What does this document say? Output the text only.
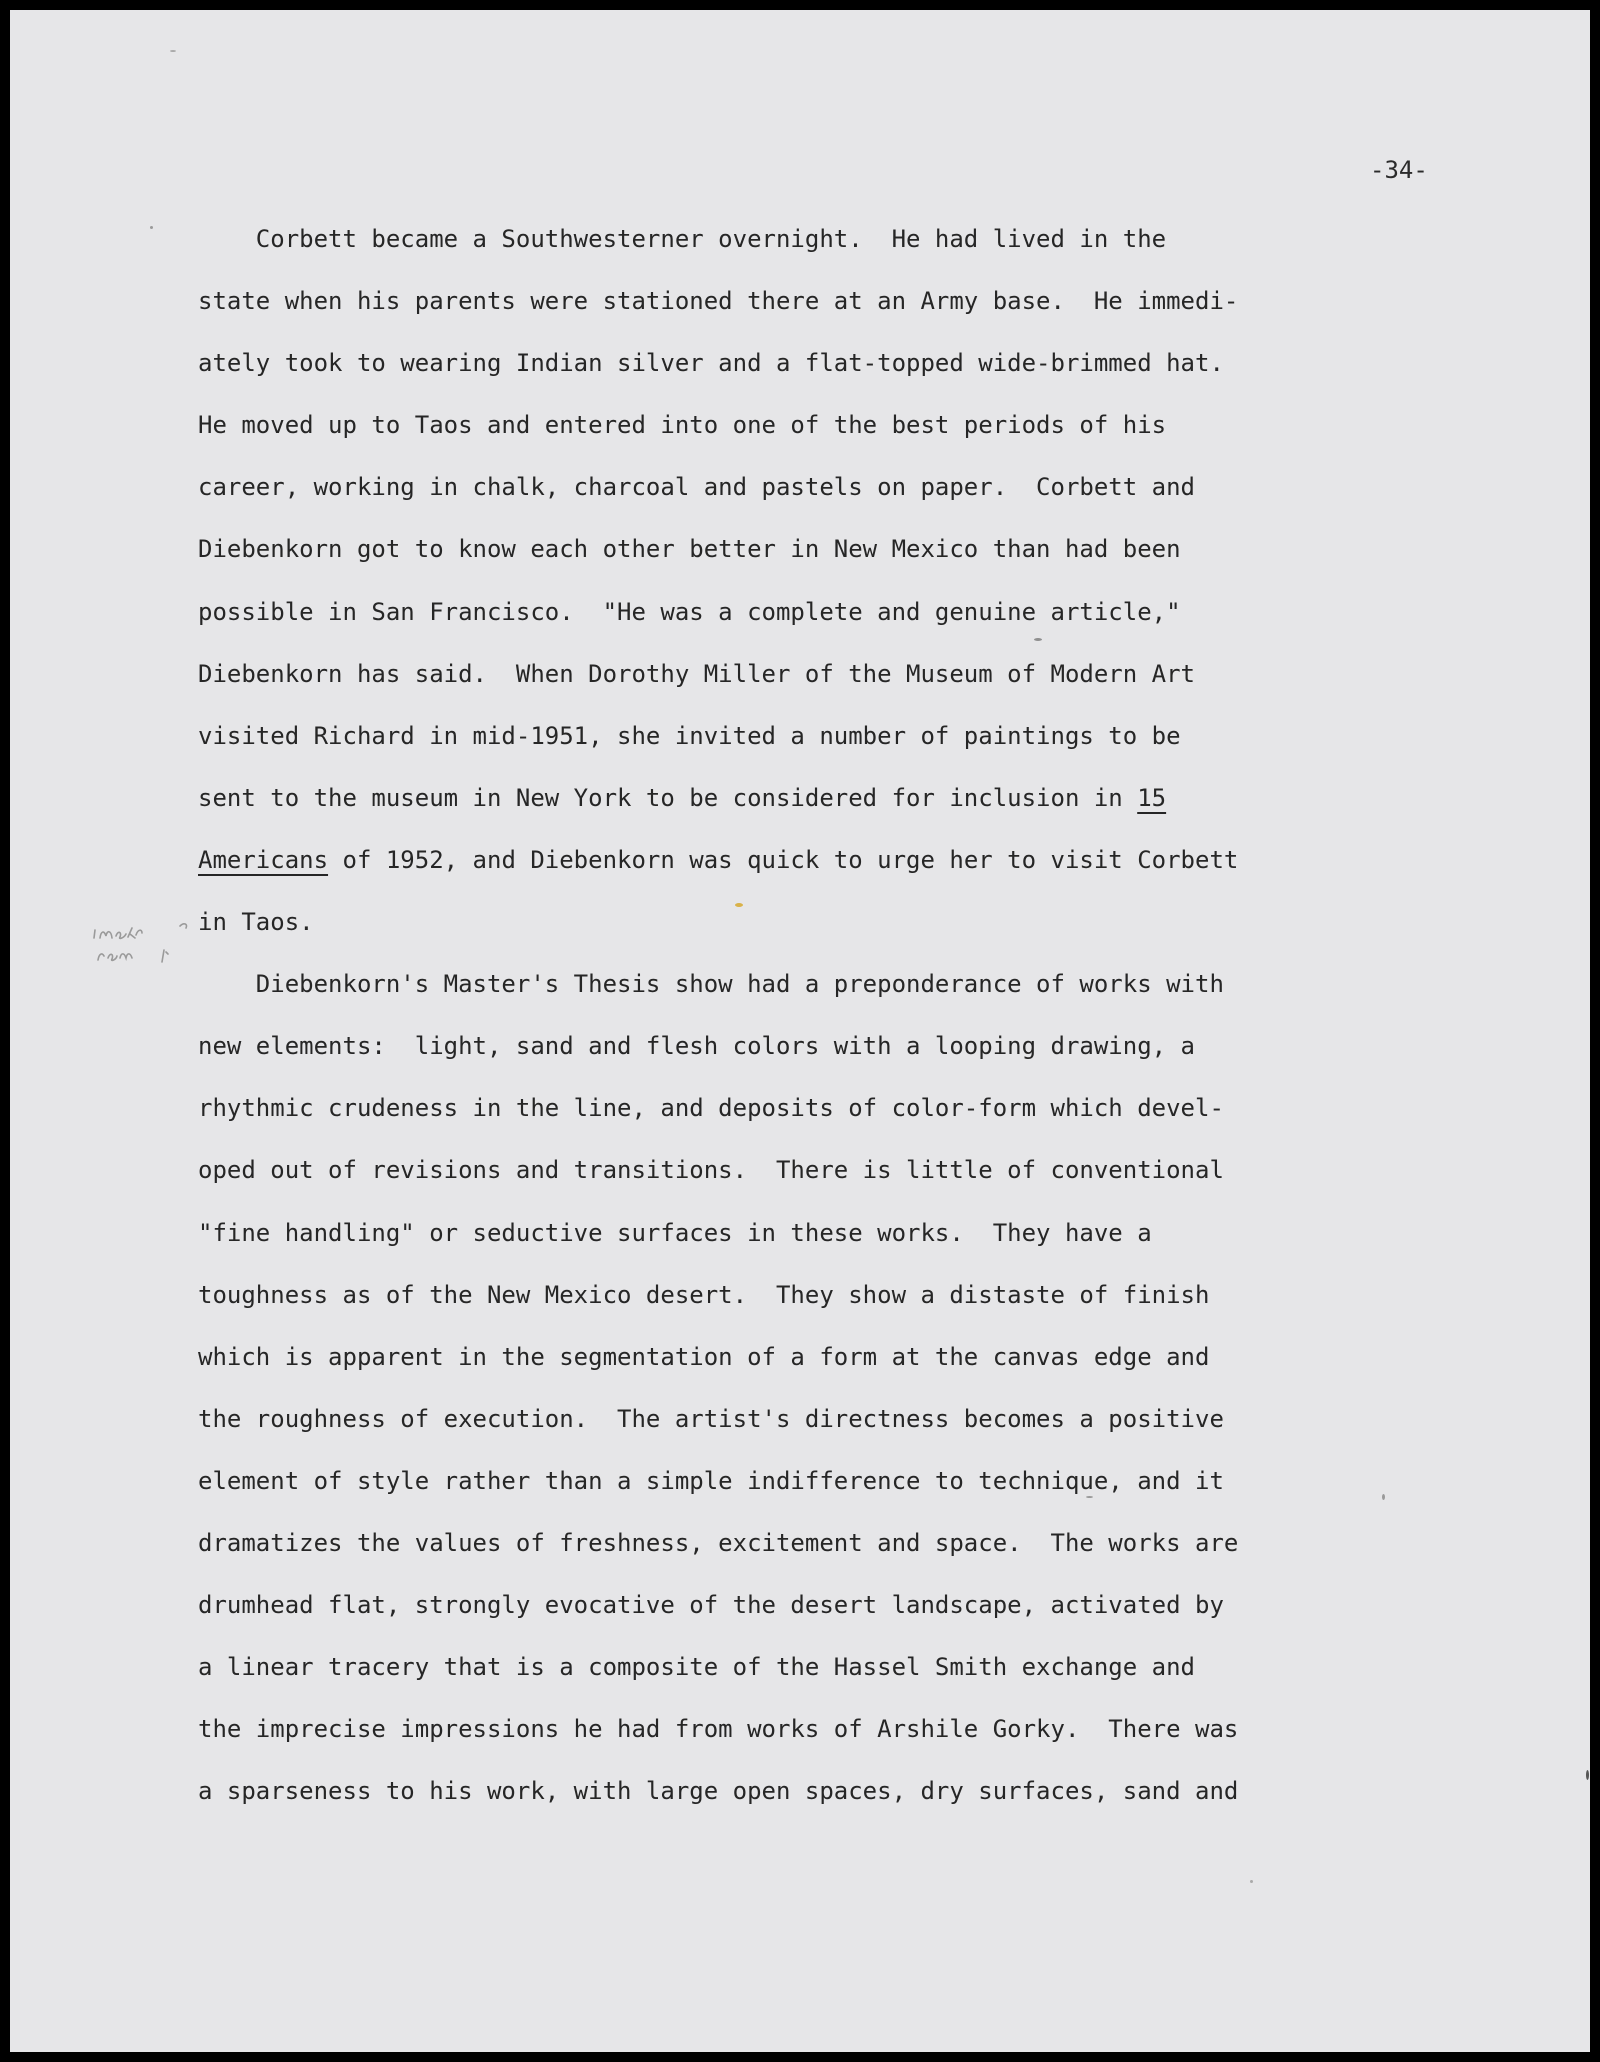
-34-
Corbett became a Southwesterner overnight.  He had lived in the
state when his parents were stationed there at an Army base.  He immedi-
ately took to wearing Indian silver and a flat-topped wide-brimmed hat.
He moved up to Taos and entered into one of the best periods of his
career, working in chalk, charcoal and pastels on paper.  Corbett and
Diebenkorn got to know each other better in New Mexico than had been
possible in San Francisco.  "He was a complete and genuine article,"
Diebenkorn has said.  When Dorothy Miller of the Museum of Modern Art
visited Richard in mid-1951, she invited a number of paintings to be
sent to the museum in New York to be considered for inclusion in 15
Americans of 1952, and Diebenkorn was quick to urge her to visit Corbett
in Taos.
Diebenkorn's Master's Thesis show had a preponderance of works with
new elements:  light, sand and flesh colors with a looping drawing, a
rhythmic crudeness in the line, and deposits of color-form which devel-
oped out of revisions and transitions.  There is little of conventional
"fine handling" or seductive surfaces in these works.  They have a
toughness as of the New Mexico desert.  They show a distaste of finish
which is apparent in the segmentation of a form at the canvas edge and
the roughness of execution.  The artist's directness becomes a positive
element of style rather than a simple indifference to technique, and it
dramatizes the values of freshness, excitement and space.  The works are
drumhead flat, strongly evocative of the desert landscape, activated by
a linear tracery that is a composite of the Hassel Smith exchange and
the imprecise impressions he had from works of Arshile Gorky.  There was
a sparseness to his work, with large open spaces, dry surfaces, sand and
